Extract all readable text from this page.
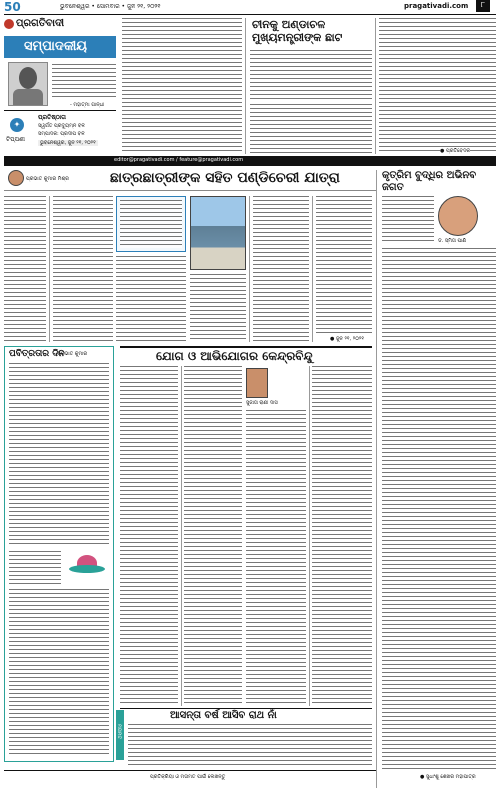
50	ଭୁବନେଶ୍ୱର • ସୋମବାର • ଜୁନ ୨୧, ୨୦୨୧	pragativadi.com	୮
ପ୍ରଗତିବାଦୀ
ସମ୍ପାଦକୀୟ
- ମହାତ୍ମା ଗାନ୍ଧୀ
✦
ଟିପ୍ପଣୀ
ପ୍ରତିଷ୍ଠାତା
ସ୍ୱର୍ଗତ ପ୍ରଦ୍ୟୁମ୍ନ ବଳ
ସମ୍ପାଦକ: ପ୍ରଦୀପ ବଳ
ଭୁବନେଶ୍ୱର, ଜୁନ ୨୧, ୨୦୨୧
editor@pragativadi.com / feature@pragativadi.com
ଚୀନକୁ ଅଣ୍ଡାଚଳ ମୁଖ୍ୟମନ୍ତ୍ରୀଙ୍କ ଛାଟ
● ପ୍ରତିବେଦକ
ପ୍ରଭାତ କୁମାର ମିଶ୍ର	ଛାତ୍ରଛାତ୍ରୀଙ୍କ ସହିତ ପଣ୍ଡିଚେରୀ ଯାତ୍ରା
● ଜୁନ ୨୧, ୨୦୨୧
କୃତ୍ରିମ ବୁଦ୍ଧିର ଅଭିନବ ଜଗତ
ଡ. ସ୍ମିତା ପାଣି
ପବିତ୍ରତାର ଦିନ
ପ୍ରଭାତ କୁମାର
ମତାମତ
ଯୋଗ ଓ ଆଭିଯୋଗର କେନ୍ଦ୍ରବିନ୍ଦୁ
ସୁଜାତା ରାଣୀ ଦାସ
ଆସନ୍ତା ବର୍ଷ ଆସିବ ରାଥ ନାଁ
● ସୁଧାଂଶୁ ଶେଖର ମହାପାତ୍ର
ପ୍ରତିକ୍ରିୟା ଓ ମତାମତ ପାଇଁ ଲେଖନ୍ତୁ
